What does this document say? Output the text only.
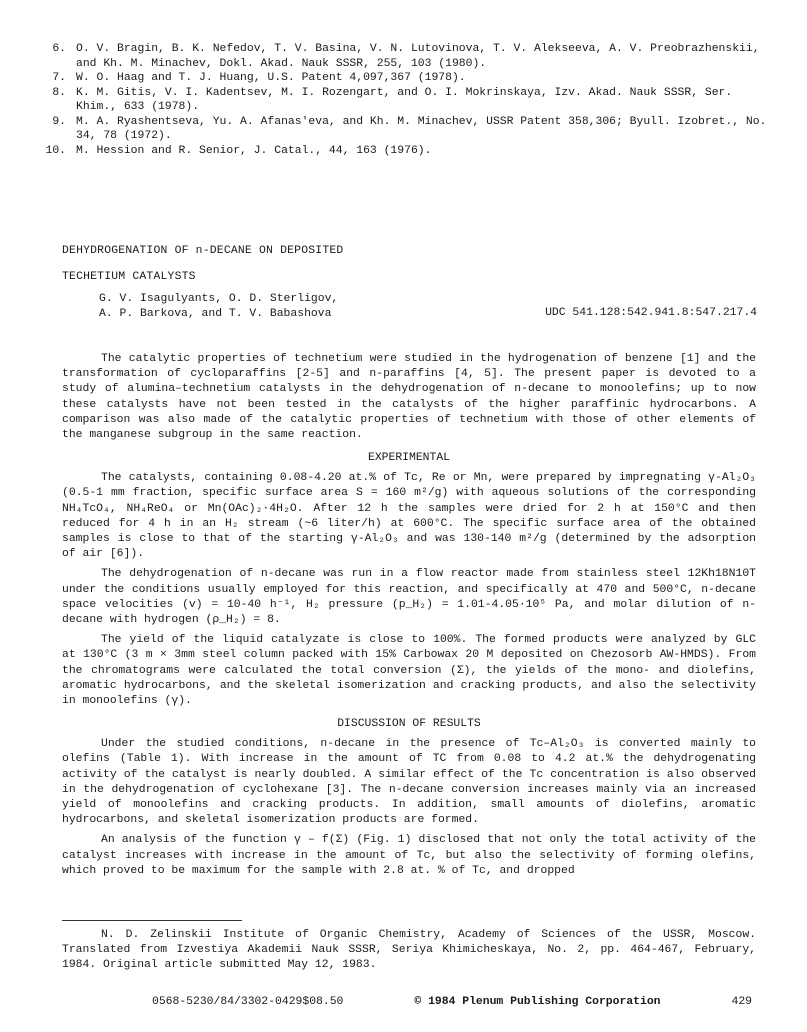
6. O. V. Bragin, B. K. Nefedov, T. V. Basina, V. N. Lutovinova, T. V. Alekseeva, A. V. Preobrazhenskii, and Kh. M. Minachev, Dokl. Akad. Nauk SSSR, 255, 103 (1980).
7. W. O. Haag and T. J. Huang, U.S. Patent 4,097,367 (1978).
8. K. M. Gitis, V. I. Kadentsev, M. I. Rozengart, and O. I. Mokrinskaya, Izv. Akad. Nauk SSSR, Ser. Khim., 633 (1978).
9. M. A. Ryashentseva, Yu. A. Afanas'eva, and Kh. M. Minachev, USSR Patent 358,306; Byull. Izobret., No. 34, 78 (1972).
10. M. Hession and R. Senior, J. Catal., 44, 163 (1976).
DEHYDROGENATION OF n-DECANE ON DEPOSITED
TECHETIUM CATALYSTS
G. V. Isagulyants, O. D. Sterligov,
A. P. Barkova, and T. V. Babashova	UDC 541.128:542.941.8:547.217.4

The catalytic properties of technetium were studied in the hydrogenation of benzene [1] and the transformation of cycloparaffins [2-5] and n-paraffins [4, 5]. The present paper is devoted to a study of alumina–technetium catalysts in the dehydrogenation of n-decane to monoolefins; up to now these catalysts have not been tested in the catalysts of the higher paraffinic hydrocarbons. A comparison was also made of the catalytic properties of technetium with those of other elements of the manganese subgroup in the same reaction.

EXPERIMENTAL

The catalysts, containing 0.08-4.20 at.% of Tc, Re or Mn, were prepared by impregnating γ-Al₂O₃ (0.5-1 mm fraction, specific surface area S = 160 m²/g) with aqueous solutions of the corresponding NH₄TcO₄, NH₄ReO₄ or Mn(OAc)₂·4H₂O. After 12 h the samples were dried for 2 h at 150°C and then reduced for 4 h in an H₂ stream (~6 liter/h) at 600°C. The specific surface area of the obtained samples is close to that of the starting γ-Al₂O₃ and was 130-140 m²/g (determined by the adsorption of air [6]).

The dehydrogenation of n-decane was run in a flow reactor made from stainless steel 12Kh18N10T under the conditions usually employed for this reaction, and specifically at 470 and 500°C, n-decane space velocities (v) = 10-40 h⁻¹, H₂ pressure (p_H₂) = 1.01-4.05·10⁵ Pa, and molar dilution of n-decane with hydrogen (ρ_H₂) = 8.

The yield of the liquid catalyzate is close to 100%. The formed products were analyzed by GLC at 130°C (3 m × 3mm steel column packed with 15% Carbowax 20 M deposited on Chezosorb AW-HMDS). From the chromatograms were calculated the total conversion (Σ), the yields of the mono- and diolefins, aromatic hydrocarbons, and the skeletal isomerization and cracking products, and also the selectivity in monoolefins (γ).

DISCUSSION OF RESULTS

Under the studied conditions, n-decane in the presence of Tc–Al₂O₃ is converted mainly to olefins (Table 1). With increase in the amount of TC from 0.08 to 4.2 at.% the dehydrogenating activity of the catalyst is nearly doubled. A similar effect of the Tc concentration is also observed in the dehydrogenation of cyclohexane [3]. The n-decane conversion increases mainly via an increased yield of monoolefins and cracking products. In addition, small amounts of diolefins, aromatic hydrocarbons, and skeletal isomerization products are formed.

An analysis of the function γ – f(Σ) (Fig. 1) disclosed that not only the total activity of the catalyst increases with increase in the amount of Tc, but also the selectivity of forming olefins, which proved to be maximum for the sample with 2.8 at. % of Tc, and dropped

N. D. Zelinskii Institute of Organic Chemistry, Academy of Sciences of the USSR, Moscow. Translated from Izvestiya Akademii Nauk SSSR, Seriya Khimicheskaya, No. 2, pp. 464-467, February, 1984. Original article submitted May 12, 1983.

0568-5230/84/3302-0429$08.50	© 1984 Plenum Publishing Corporation	429
